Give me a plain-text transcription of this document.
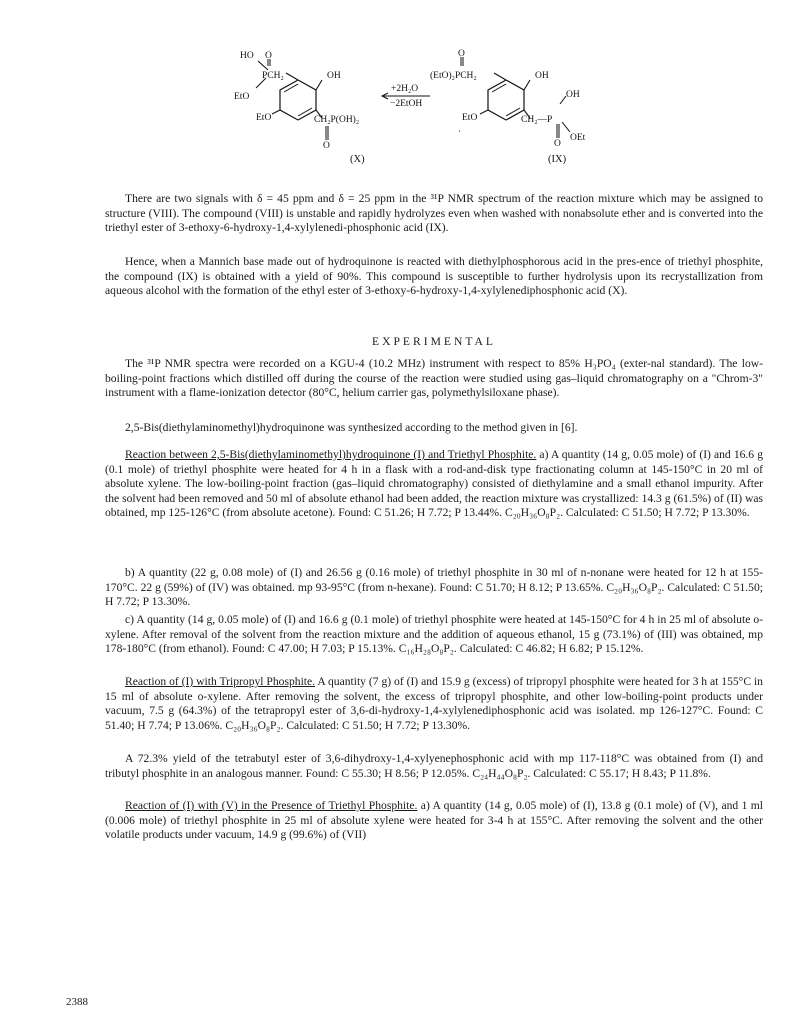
HO O
PCH₂	OH
EtO
EtO	CH₂P(OH)₂
O
+2H₂O
−2EtOH
O
(EtO)₂PCH₂	OH
OH
EtO	CH₂—P
O
OEt
·
(X)	(IX)

There are two signals with δ = 45 ppm and δ = 25 ppm in the ³¹P NMR spectrum of the reaction mixture which may be assigned to structure (VIII). The compound (VIII) is unstable and rapidly hydrolyzes even when washed with nonabsolute ether and is converted into the triethyl ester of 3-ethoxy-6-hydroxy-1,4-xylylenedi-phosphonic acid (IX).

Hence, when a Mannich base made out of hydroquinone is reacted with diethylphosphorous acid in the pres-ence of triethyl phosphite, the compound (IX) is obtained with a yield of 90%. This compound is susceptible to further hydrolysis upon its recrystallization from aqueous alcohol with the formation of the ethyl ester of 3-ethoxy-6-hydroxy-1,4-xylylenediphosphonic acid (X).

EXPERIMENTAL

The ³¹P NMR spectra were recorded on a KGU-4 (10.2 MHz) instrument with respect to 85% H₃PO₄ (exter-nal standard). The low-boiling-point fractions which distilled off during the course of the reaction were studied using gas–liquid chromatography on a "Chrom-3" instrument with a flame-ionization detector (80°C, helium carrier gas, polymethylsiloxane phase).

2,5-Bis(diethylaminomethyl)hydroquinone was synthesized according to the method given in [6].

Reaction between 2,5-Bis(diethylaminomethyl)hydroquinone (I) and Triethyl Phosphite. a) A quantity (14 g, 0.05 mole) of (I) and 16.6 g (0.1 mole) of triethyl phosphite were heated for 4 h in a flask with a rod-and-disk type fractionating column at 145-150°C in 20 ml of absolute xylene. The low-boiling-point fraction (gas–liquid chromatography) consisted of diethylamine and a small ethanol impurity. After the solvent had been removed and 50 ml of absolute ethanol had been added, the reaction mixture was crystallized: 14.3 g (61.5%) of (II) was obtained, mp 125-126°C (from absolute acetone). Found: C 51.26; H 7.72; P 13.44%. C₂₀H₃₆O₈P₂. Calculated: C 51.50; H 7.72; P 13.30%.

b) A quantity (22 g, 0.08 mole) of (I) and 26.56 g (0.16 mole) of triethyl phosphite in 30 ml of n-nonane were heated for 12 h at 155-170°C. 22 g (59%) of (IV) was obtained. mp 93-95°C (from n-hexane). Found: C 51.70; H 8.12; P 13.65%. C₂₀H₃₆O₈P₂. Calculated: C 51.50; H 7.72; P 13.30%.

c) A quantity (14 g, 0.05 mole) of (I) and 16.6 g (0.1 mole) of triethyl phosphite were heated at 145-150°C for 4 h in 25 ml of absolute o-xylene. After removal of the solvent from the reaction mixture and the addition of aqueous ethanol, 15 g (73.1%) of (III) was obtained, mp 178-180°C (from ethanol). Found: C 47.00; H 7.03; P 15.13%. C₁₆H₂₈O₈P₂. Calculated: C 46.82; H 6.82; P 15.12%.

Reaction of (I) with Tripropyl Phosphite. A quantity (7 g) of (I) and 15.9 g (excess) of tripropyl phosphite were heated for 3 h at 155°C in 15 ml of absolute o-xylene. After removing the solvent, the excess of tripropyl phosphite, and other low-boiling-point products under vacuum, 7.5 g (64.3%) of the tetrapropyl ester of 3,6-di-hydroxy-1,4-xylylenediphosphonic acid was isolated. mp 126-127°C. Found: C 51.40; H 7.74; P 13.06%. C₂₀H₃₆O₈P₂. Calculated: C 51.50; H 7.72; P 13.30%.

A 72.3% yield of the tetrabutyl ester of 3,6-dihydroxy-1,4-xylyenephosphonic acid with mp 117-118°C was obtained from (I) and tributyl phosphite in an analogous manner. Found: C 55.30; H 8.56; P 12.05%. C₂₄H₄₄O₈P₂. Calculated: C 55.17; H 8.43; P 11.8%.

Reaction of (I) with (V) in the Presence of Triethyl Phosphite. a) A quantity (14 g, 0.05 mole) of (I), 13.8 g (0.1 mole) of (V), and 1 ml (0.006 mole) of triethyl phosphite in 25 ml of absolute xylene were heated for 3-4 h at 155°C. After removing the solvent and the other volatile products under vacuum, 14.9 g (99.6%) of (VII)

2388
